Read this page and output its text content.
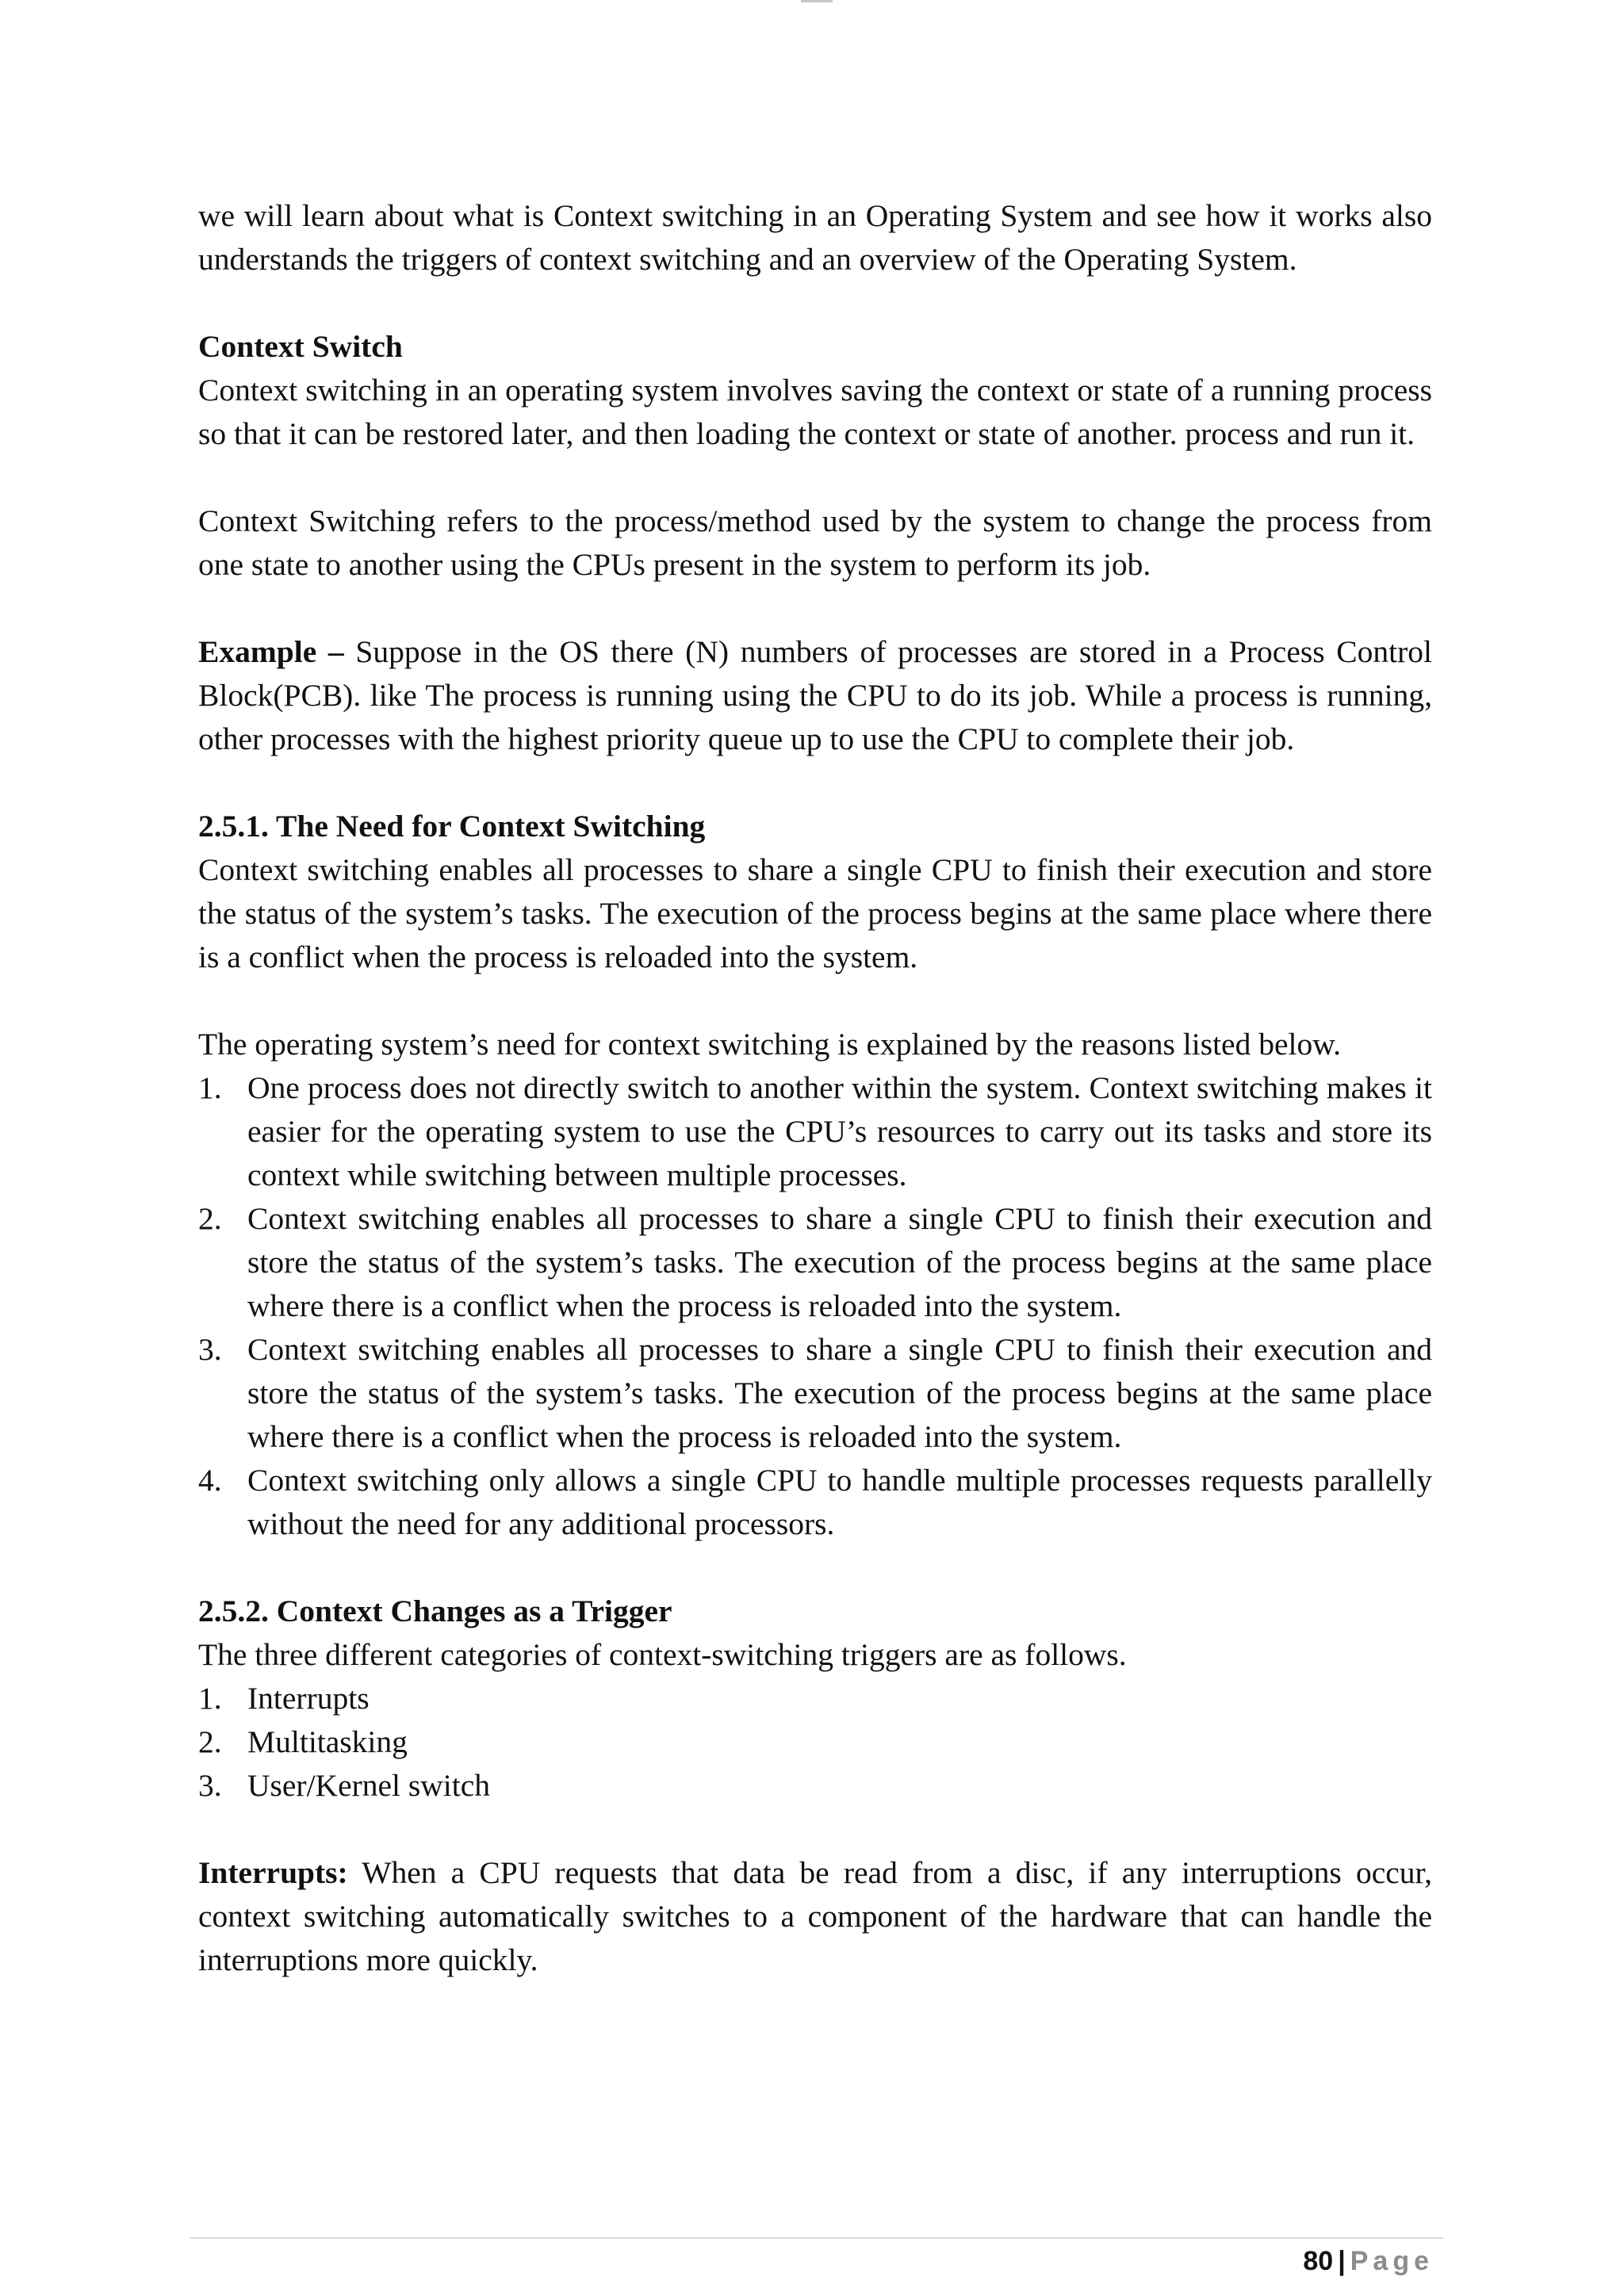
we will learn about what is Context switching in an Operating System and see how it works also understands the triggers of context switching and an overview of the Operating System.

Context Switch

Context switching in an operating system involves saving the context or state of a running process so that it can be restored later, and then loading the context or state of another. process and run it.

Context Switching refers to the process/method used by the system to change the process from one state to another using the CPUs present in the system to perform its job.

Example – Suppose in the OS there (N) numbers of processes are stored in a Process Control Block(PCB). like The process is running using the CPU to do its job. While a process is running, other processes with the highest priority queue up to use the CPU to complete their job.

2.5.1. The Need for Context Switching

Context switching enables all processes to share a single CPU to finish their execution and store the status of the system’s tasks. The execution of the process begins at the same place where there is a conflict when the process is reloaded into the system.

The operating system’s need for context switching is explained by the reasons listed below.

1. One process does not directly switch to another within the system. Context switching makes it easier for the operating system to use the CPU’s resources to carry out its tasks and store its context while switching between multiple processes.
2. Context switching enables all processes to share a single CPU to finish their execution and store the status of the system’s tasks. The execution of the process begins at the same place where there is a conflict when the process is reloaded into the system.
3. Context switching enables all processes to share a single CPU to finish their execution and store the status of the system’s tasks. The execution of the process begins at the same place where there is a conflict when the process is reloaded into the system.
4. Context switching only allows a single CPU to handle multiple processes requests parallelly without the need for any additional processors.

2.5.2. Context Changes as a Trigger

The three different categories of context-switching triggers are as follows.

1. Interrupts
2. Multitasking
3. User/Kernel switch

Interrupts: When a CPU requests that data be read from a disc, if any interruptions occur, context switching automatically switches to a component of the hardware that can handle the interruptions more quickly.

80 | Page
